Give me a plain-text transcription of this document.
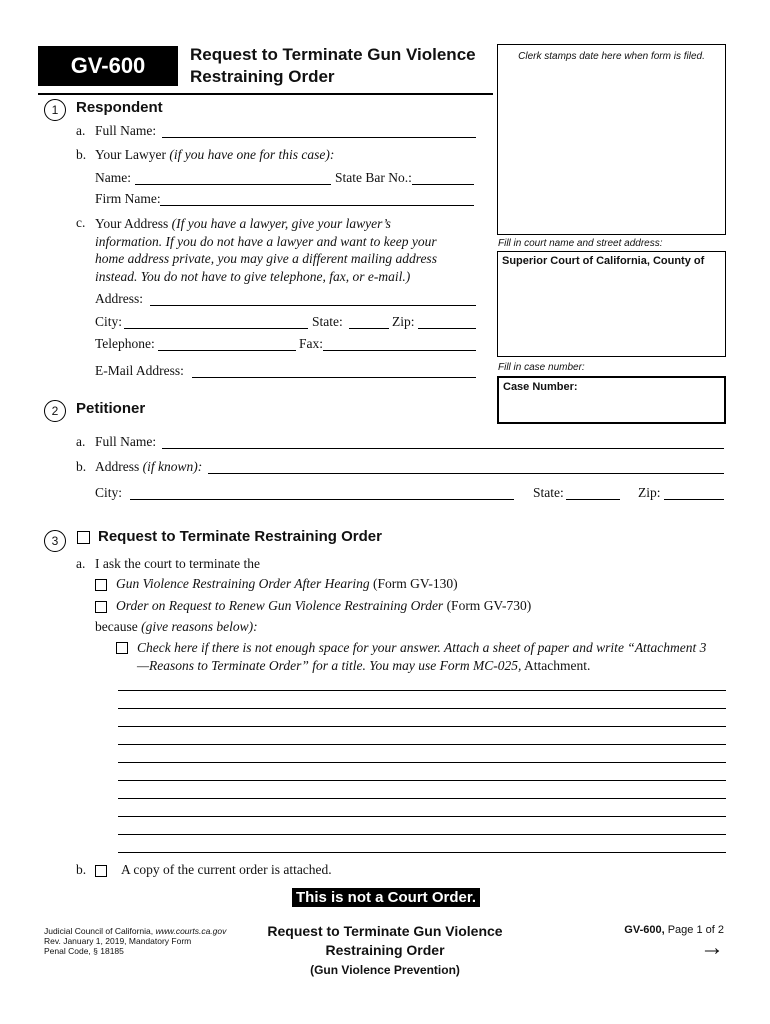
GV-600	Request to Terminate Gun Violence
Restraining Order
Clerk stamps date here when form is filed.
Fill in court name and street address:
Superior Court of California, County of
Fill in case number:
Case Number:
1	Respondent
a. Full Name:
b. Your Lawyer (if you have one for this case):
Name:	State Bar No.:
Firm Name:
c. Your Address (If you have a lawyer, give your lawyer’s
information. If you do not have a lawyer and want to keep your
home address private, you may give a different mailing address
instead. You do not have to give telephone, fax, or e-mail.)
Address:
City:	State:	Zip:
Telephone:	Fax:
E-Mail Address:
2	Petitioner
a. Full Name:
b. Address (if known):
City:	State:	Zip:
3	Request to Terminate Restraining Order
a. I ask the court to terminate the
Gun Violence Restraining Order After Hearing (Form GV-130)
Order on Request to Renew Gun Violence Restraining Order (Form GV-730)
because (give reasons below):
Check here if there is not enough space for your answer. Attach a sheet of paper and write “Attachment 3
—Reasons to Terminate Order” for a title. You may use Form MC-025, Attachment.
b.	A copy of the current order is attached.
This is not a Court Order.
Judicial Council of California, www.courts.ca.gov
Rev. January 1, 2019, Mandatory Form
Penal Code, § 18185
Request to Terminate Gun Violence
Restraining Order
(Gun Violence Prevention)
GV-600, Page 1 of 2
→
